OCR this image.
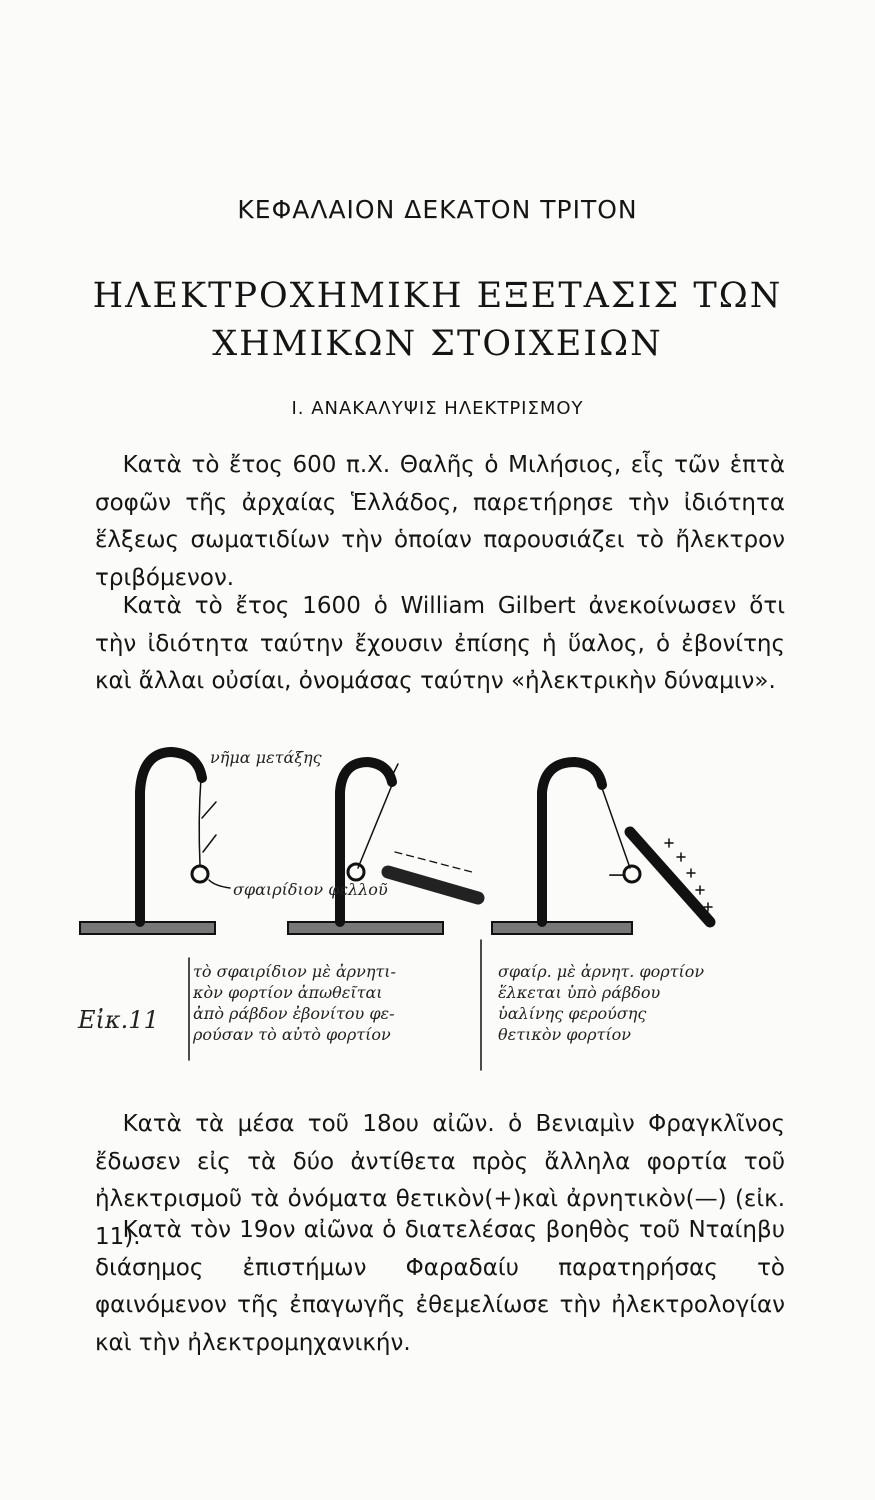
ΚΕΦΑΛΑΙΟΝ ΔΕΚΑΤΟΝ ΤΡΙΤΟΝ
ΗΛΕΚΤΡΟΧΗΜΙΚΗ ΕΞΕΤΑΣΙΣ ΤΩΝ
ΧΗΜΙΚΩΝ ΣΤΟΙΧΕΙΩΝ
Ι. ΑΝΑΚΑΛΥΨΙΣ ΗΛΕΚΤΡΙΣΜΟΥ

Κατὰ τὸ ἔτος 600 π.Χ. Θαλῆς ὁ Μιλήσιος, εἷς τῶν ἑπτὰ σοφῶν τῆς ἀρχαίας Ἑλλάδος, παρετήρησε τὴν ἰδιότητα ἕλξεως σωματιδίων τὴν ὁποίαν παρουσιάζει τὸ ἤλεκτρον τριβόμενον.

Κατὰ τὸ ἔτος 1600 ὁ William Gilbert ἀνεκοίνωσεν ὅτι τὴν ἰδιότητα ταύτην ἔχουσιν ἐπίσης ἡ ὕαλος, ὁ ἐβονίτης καὶ ἄλλαι οὐσίαι, ὀνομάσας ταύτην «ἠλεκτρικὴν δύναμιν».

νῆμα μετάξης
σφαιρίδιον φελλοῦ
−
τὸ σφαιρίδιον μὲ ἀρνητι-
κὸν φορτίον ἀπωθεῖται
ἀπὸ ράβδον ἐβονίτου φε-
ρούσαν τὸ αὐτὸ φορτίον
σφαίρ. μὲ ἀρνητ. φορτίον
ἕλκεται ὑπὸ ράβδου
ὑαλίνης φερούσης
θετικὸν φορτίον
Εἰκ.11

Κατὰ τὰ μέσα τοῦ 18ου αἰῶν. ὁ Βενιαμὶν Φραγκλῖνος ἔδωσεν εἰς τὰ δύο ἀντίθετα πρὸς ἄλληλα φορτία τοῦ ἠλεκτρισμοῦ τὰ ὀνόματα θετικὸν(+)καὶ ἀρνητικὸν(—) (εἰκ. 11).

Κατὰ τὸν 19ον αἰῶνα ὁ διατελέσας βοηθὸς τοῦ Νταίηβυ διάσημος ἐπιστήμων Φαραδαίυ παρατηρήσας τὸ φαινόμενον τῆς ἐπαγωγῆς ἐθεμελίωσε τὴν ἠλεκτρολογίαν καὶ τὴν ἠλεκτρομηχανικήν.
